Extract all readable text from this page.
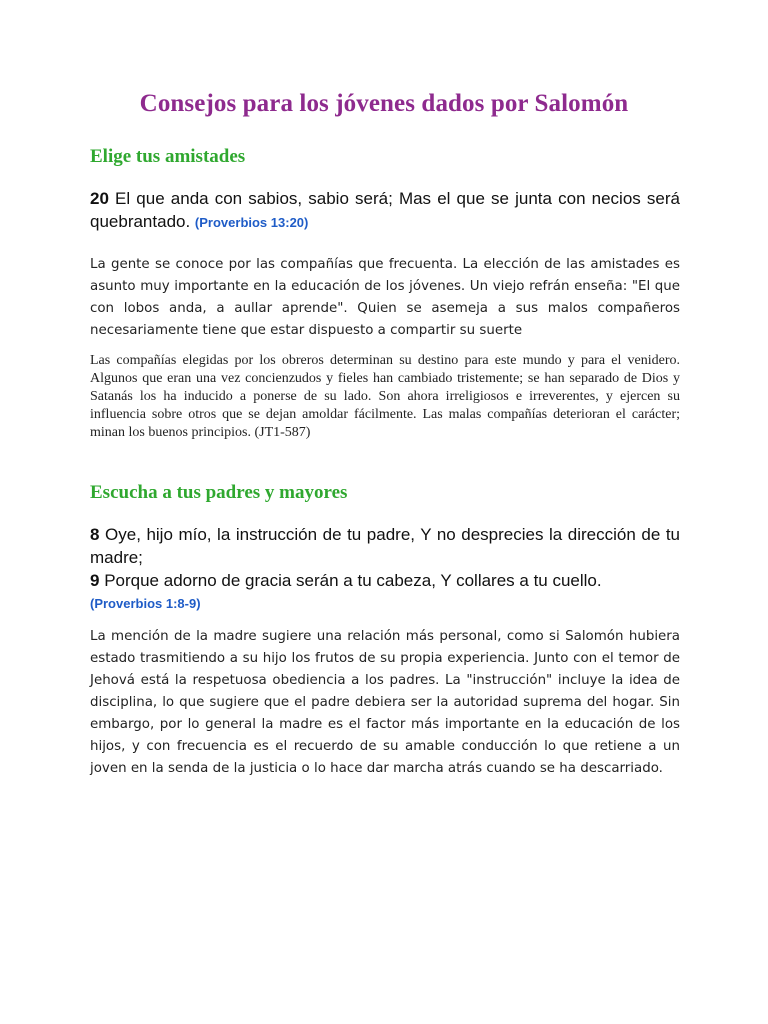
Consejos para los jóvenes dados por Salomón
Elige tus amistades

20 El que anda con sabios, sabio será; Mas el que se junta con necios será quebrantado. (Proverbios 13:20)

La gente se conoce por las compañías que frecuenta. La elección de las amistades es asunto muy importante en la educación de los jóvenes. Un viejo refrán enseña: "El que con lobos anda, a aullar aprende". Quien se asemeja a sus malos compañeros necesariamente tiene que estar dispuesto a compartir su suerte

Las compañías elegidas por los obreros determinan su destino para este mundo y para el venidero. Algunos que eran una vez concienzudos y fieles han cambiado tristemente; se han separado de Dios y Satanás los ha inducido a ponerse de su lado. Son ahora irreligiosos e irreverentes, y ejercen su influencia sobre otros que se dejan amoldar fácilmente. Las malas compañías deterioran el carácter; minan los buenos principios. (JT1-587)

Escucha a tus padres y mayores

8 Oye, hijo mío, la instrucción de tu padre, Y no desprecies la dirección de tu madre;
9 Porque adorno de gracia serán a tu cabeza, Y collares a tu cuello.
(Proverbios 1:8-9)

La mención de la madre sugiere una relación más personal, como si Salomón hubiera estado trasmitiendo a su hijo los frutos de su propia experiencia. Junto con el temor de Jehová está la respetuosa obediencia a los padres. La "instrucción" incluye la idea de disciplina, lo que sugiere que el padre debiera ser la autoridad suprema del hogar. Sin embargo, por lo general la madre es el factor más importante en la educación de los hijos, y con frecuencia es el recuerdo de su amable conducción lo que retiene a un joven en la senda de la justicia o lo hace dar marcha atrás cuando se ha descarriado.
